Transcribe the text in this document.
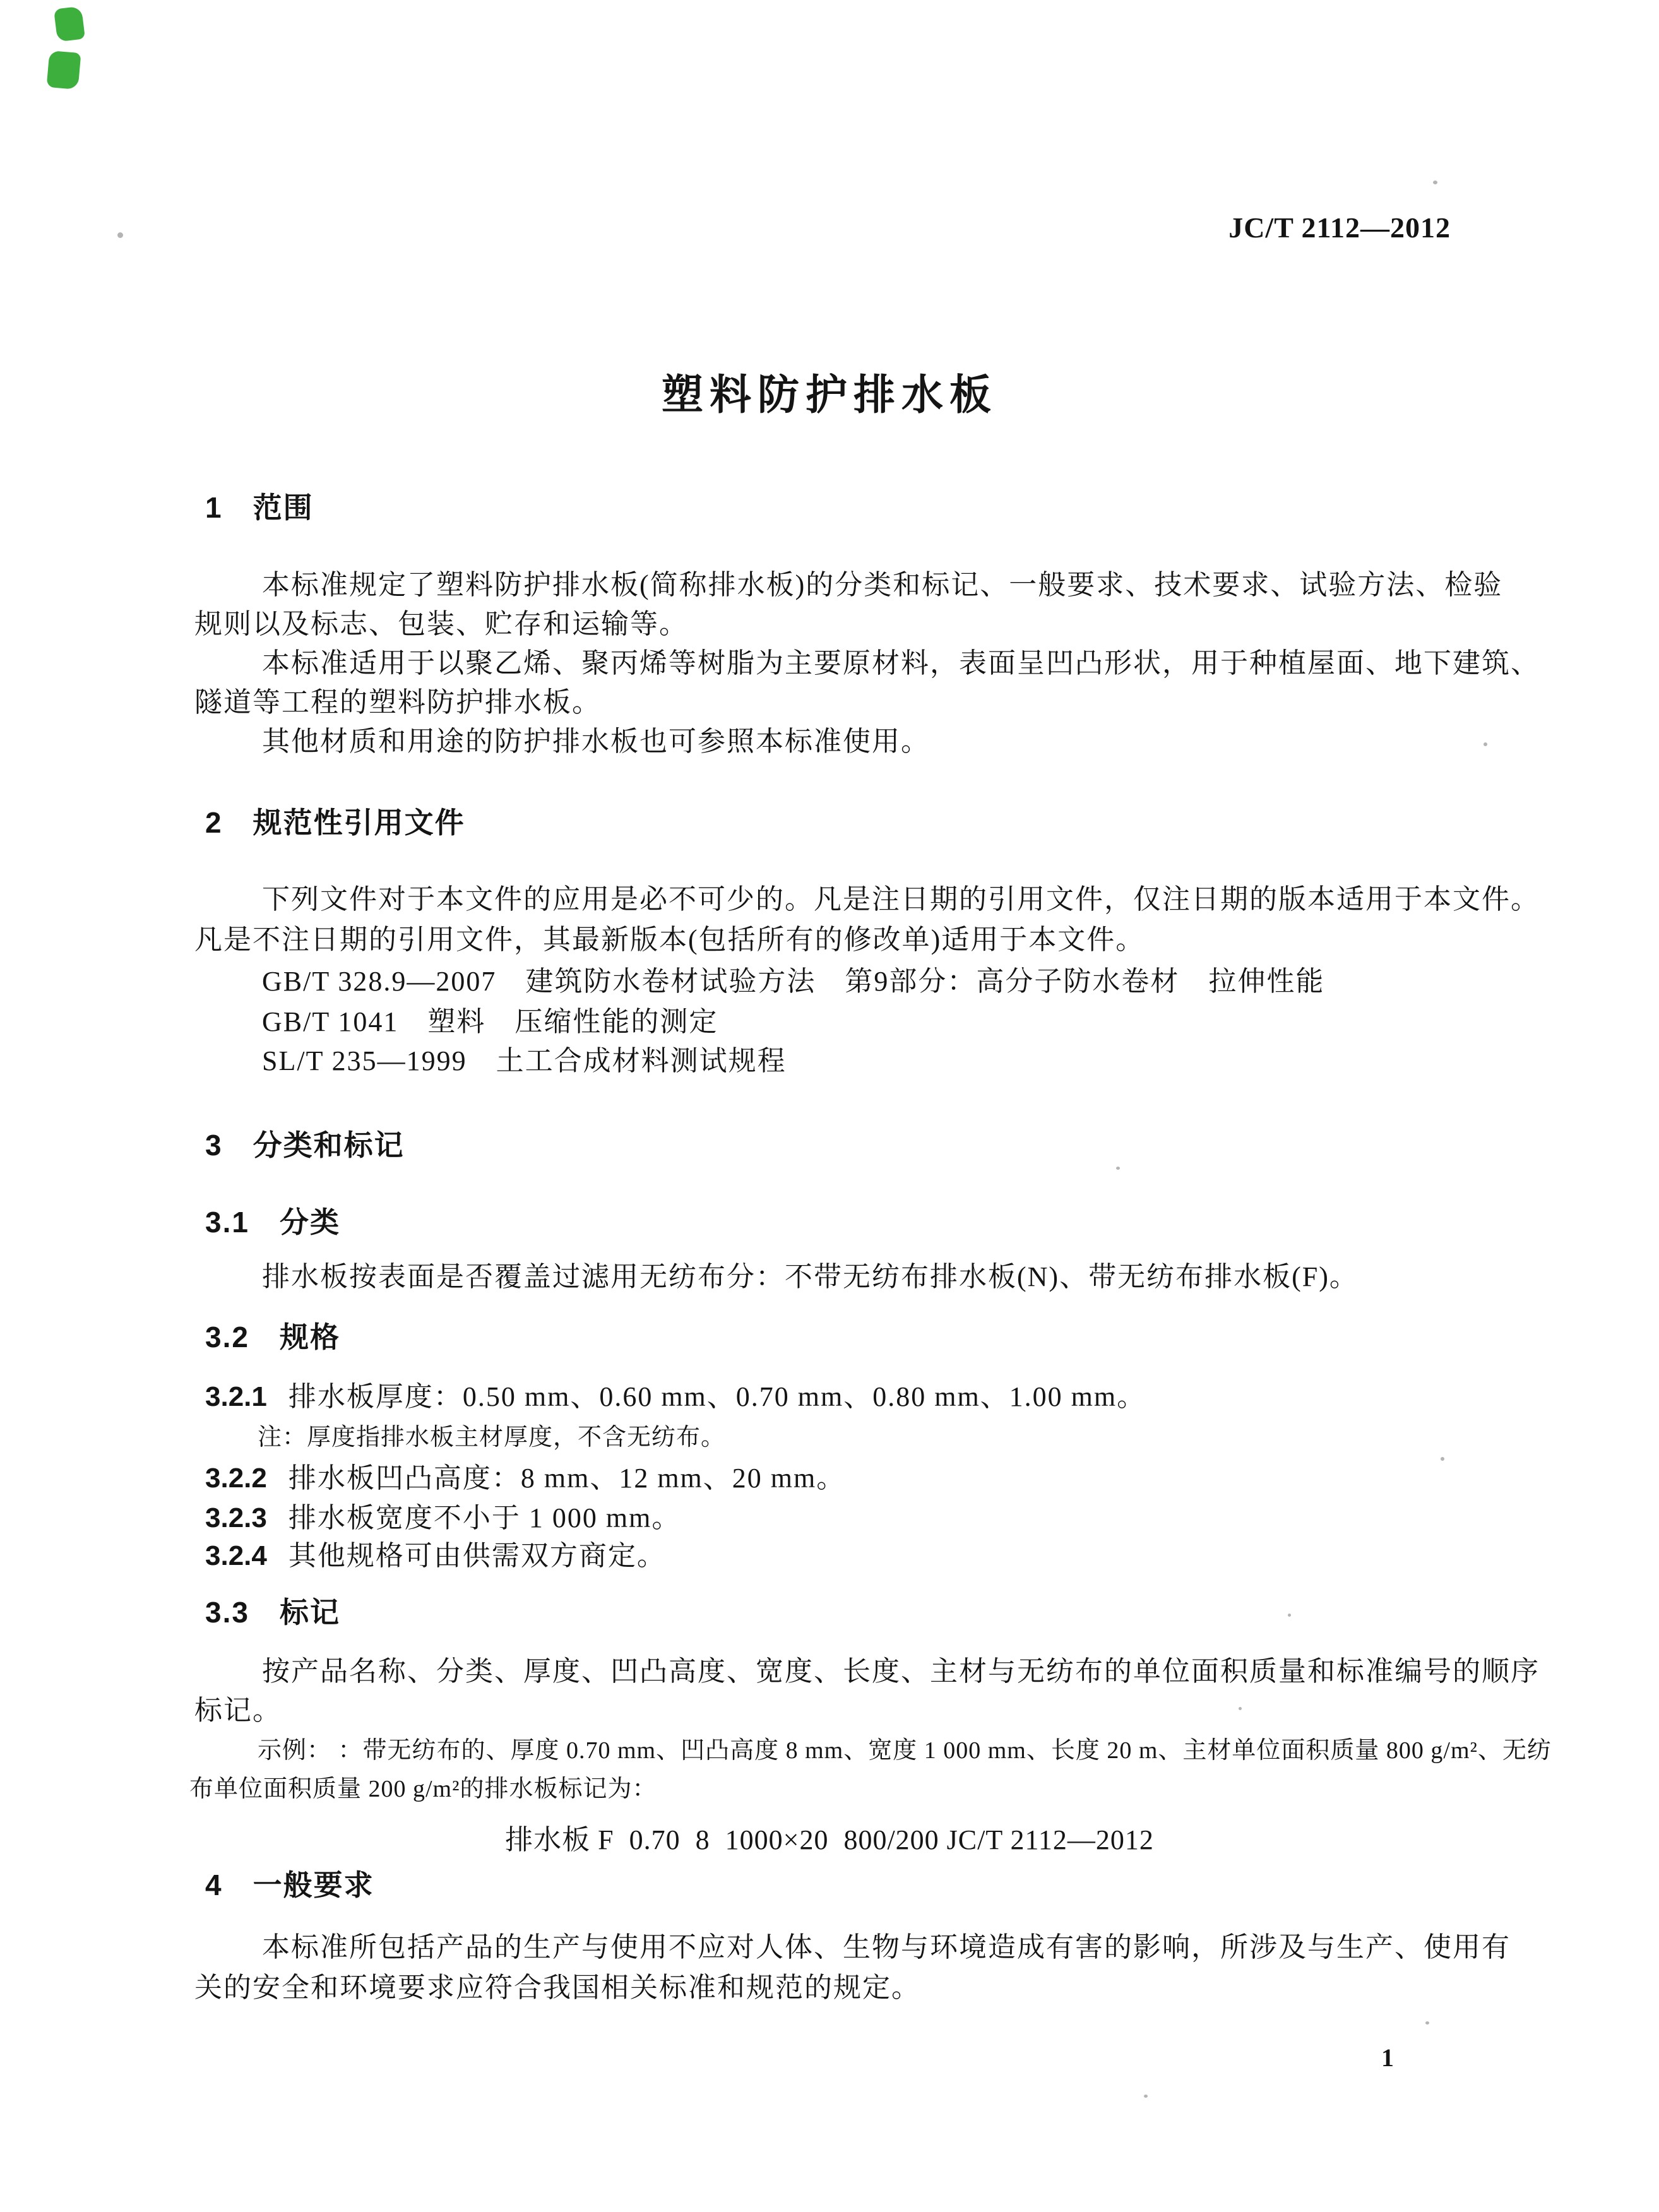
JC/T 2112—2012
塑料防护排水板
1　范围
本标准规定了塑料防护排水板(简称排水板)的分类和标记、一般要求、技术要求、试验方法、检验
规则以及标志、包装、贮存和运输等。
本标准适用于以聚乙烯、聚丙烯等树脂为主要原材料，表面呈凹凸形状，用于种植屋面、地下建筑、
隧道等工程的塑料防护排水板。
其他材质和用途的防护排水板也可参照本标准使用。
2　规范性引用文件
下列文件对于本文件的应用是必不可少的。凡是注日期的引用文件，仅注日期的版本适用于本文件。
凡是不注日期的引用文件，其最新版本(包括所有的修改单)适用于本文件。
GB/T 328.9—2007　建筑防水卷材试验方法　第9部分：高分子防水卷材　拉伸性能
GB/T 1041　塑料　压缩性能的测定
SL/T 235—1999　土工合成材料测试规程
3　分类和标记
3.1　分类
排水板按表面是否覆盖过滤用无纺布分：不带无纺布排水板(N)、带无纺布排水板(F)。
3.2　规格
3.2.1 排水板厚度：0.50 mm、0.60 mm、0.70 mm、0.80 mm、1.00 mm。
注：厚度指排水板主材厚度，不含无纺布。
3.2.2 排水板凹凸高度：8 mm、12 mm、20 mm。
3.2.3 排水板宽度不小于 1 000 mm。
3.2.4 其他规格可由供需双方商定。
3.3　标记
按产品名称、分类、厚度、凹凸高度、宽度、长度、主材与无纺布的单位面积质量和标准编号的顺序
标记。
示例： ：带无纺布的、厚度 0.70 mm、凹凸高度 8 mm、宽度 1 000 mm、长度 20 m、主材单位面积质量 800 g/m²、无纺
布单位面积质量 200 g/m²的排水板标记为：
排水板 F  0.70  8  1000×20  800/200 JC/T 2112—2012
4　一般要求
本标准所包括产品的生产与使用不应对人体、生物与环境造成有害的影响，所涉及与生产、使用有
关的安全和环境要求应符合我国相关标准和规范的规定。
1
